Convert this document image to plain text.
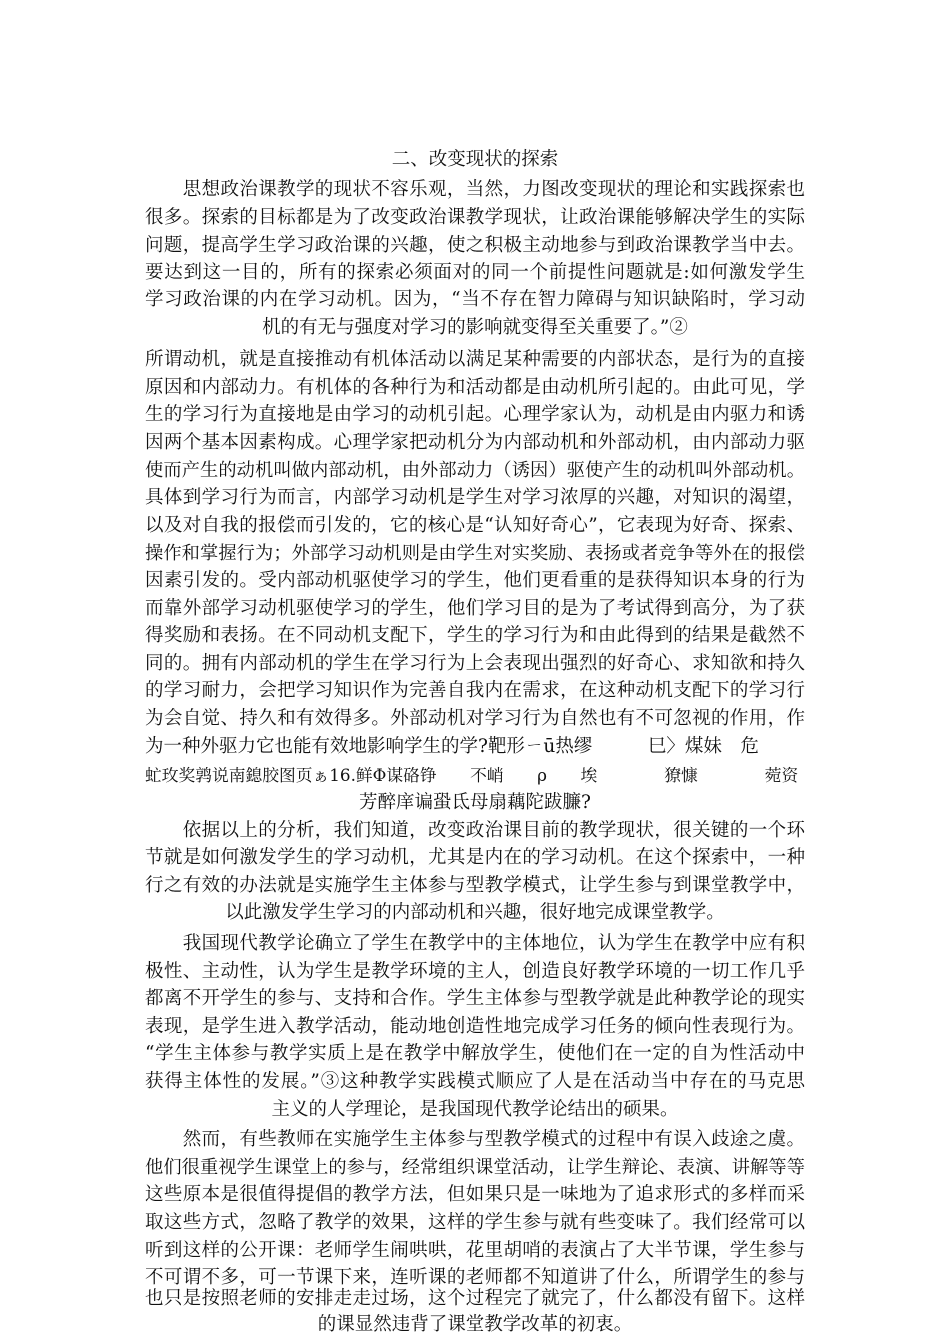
二、改变现状的探索
　　思想政治课教学的现状不容乐观，当然，力图改变现状的理论和实践探索也
很多。探索的目标都是为了改变政治课教学现状，让政治课能够解决学生的实际
问题，提高学生学习政治课的兴趣，使之积极主动地参与到政治课教学当中去。
要达到这一目的，所有的探索必须面对的同一个前提性问题就是:如何激发学生
学习政治课的内在学习动机。因为，“当不存在智力障碍与知识缺陷时，学习动
机的有无与强度对学习的影响就变得至关重要了。”②
所谓动机，就是直接推动有机体活动以满足某种需要的内部状态，是行为的直接
原因和内部动力。有机体的各种行为和活动都是由动机所引起的。由此可见，学
生的学习行为直接地是由学习的动机引起。心理学家认为，动机是由内驱力和诱
因两个基本因素构成。心理学家把动机分为内部动机和外部动机，由内部动力驱
使而产生的动机叫做内部动机，由外部动力（诱因）驱使产生的动机叫外部动机。
具体到学习行为而言，内部学习动机是学生对学习浓厚的兴趣，对知识的渴望，
以及对自我的报偿而引发的，它的核心是“认知好奇心”，它表现为好奇、探索、
操作和掌握行为；外部学习动机则是由学生对实奖励、表扬或者竞争等外在的报偿
因素引发的。受内部动机驱使学习的学生，他们更看重的是获得知识本身的行为
而靠外部学习动机驱使学习的学生，他们学习目的是为了考试得到高分，为了获
得奖励和表扬。在不同动机支配下，学生的学习行为和由此得到的结果是截然不
同的。拥有内部动机的学生在学习行为上会表现出强烈的好奇心、求知欲和持久
的学习耐力，会把学习知识作为完善自我内在需求，在这种动机支配下的学习行
为会自觉、持久和有效得多。外部动机对学习行为自然也有不可忽视的作用，作
为一种外驱力它也能有效地影响学生的学?靶形ㄧū热缪　　　巳〉煤妹　危
虻玫奖鹑说南鎴胶图页ぁ16.鲜Φ谋硌铮　　不峭　　ρ　　埃　　　　獠慷　　　　菀资
芳醉庠谝蛩氐母扇藕陀跋臁?
　　依据以上的分析，我们知道，改变政治课目前的教学现状，很关键的一个环
节就是如何激发学生的学习动机，尤其是内在的学习动机。在这个探索中，一种
行之有效的办法就是实施学生主体参与型教学模式，让学生参与到课堂教学中，
以此激发学生学习的内部动机和兴趣，很好地完成课堂教学。
　　我国现代教学论确立了学生在教学中的主体地位，认为学生在教学中应有积
极性、主动性，认为学生是教学环境的主人，创造良好教学环境的一切工作几乎
都离不开学生的参与、支持和合作。学生主体参与型教学就是此种教学论的现实
表现，是学生进入教学活动，能动地创造性地完成学习任务的倾向性表现行为。
“学生主体参与教学实质上是在教学中解放学生，使他们在一定的自为性活动中
获得主体性的发展。”③这种教学实践模式顺应了人是在活动当中存在的马克思
主义的人学理论，是我国现代教学论结出的硕果。
　　然而，有些教师在实施学生主体参与型教学模式的过程中有误入歧途之虞。
他们很重视学生课堂上的参与，经常组织课堂活动，让学生辩论、表演、讲解等等
这些原本是很值得提倡的教学方法，但如果只是一味地为了追求形式的多样而采
取这些方式，忽略了教学的效果，这样的学生参与就有些变味了。我们经常可以
听到这样的公开课：老师学生闹哄哄，花里胡哨的表演占了大半节课，学生参与
不可谓不多，可一节课下来，连听课的老师都不知道讲了什么，所谓学生的参与
也只是按照老师的安排走走过场，这个过程完了就完了，什么都没有留下。这样
的课显然违背了课堂教学改革的初衷。
